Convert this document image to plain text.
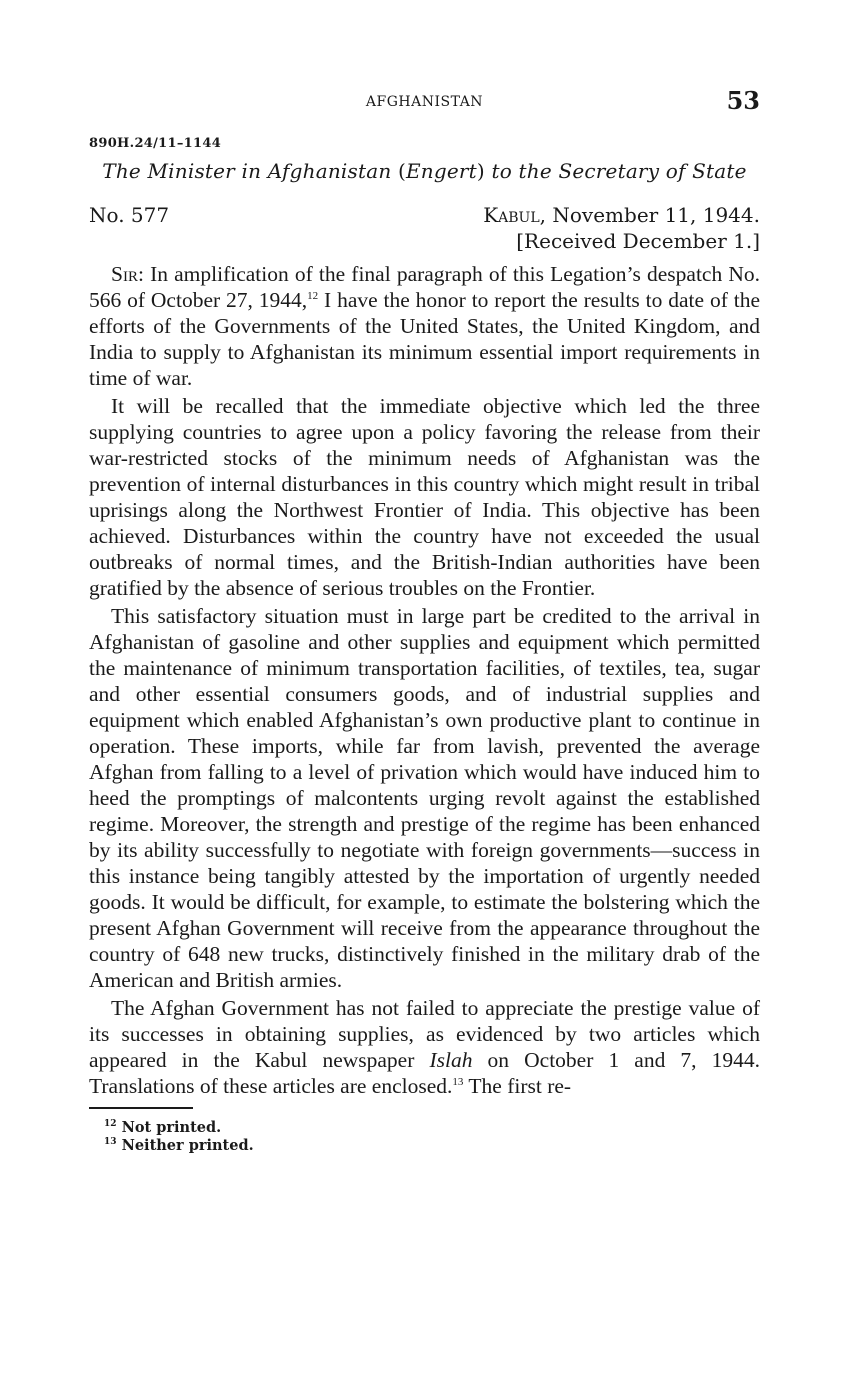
AFGHANISTAN	53
890H.24/11–1144
The Minister in Afghanistan (Engert) to the Secretary of State
No. 577	Kabul, November 11, 1944.
[Received December 1.]

Sir: In amplification of the final paragraph of this Legation’s despatch No. 566 of October 27, 1944,12 I have the honor to report the results to date of the efforts of the Governments of the United States, the United Kingdom, and India to supply to Afghanistan its minimum essential import requirements in time of war.

It will be recalled that the immediate objective which led the three supplying countries to agree upon a policy favoring the release from their war-restricted stocks of the minimum needs of Afghanistan was the prevention of internal disturbances in this country which might result in tribal uprisings along the Northwest Frontier of India. This objective has been achieved. Disturbances within the country have not exceeded the usual outbreaks of normal times, and the British-Indian authorities have been gratified by the absence of serious troubles on the Frontier.

This satisfactory situation must in large part be credited to the arrival in Afghanistan of gasoline and other supplies and equipment which permitted the maintenance of minimum transportation facilities, of textiles, tea, sugar and other essential consumers goods, and of industrial supplies and equipment which enabled Afghanistan’s own productive plant to continue in operation. These imports, while far from lavish, prevented the average Afghan from falling to a level of privation which would have induced him to heed the promptings of malcontents urging revolt against the established regime. Moreover, the strength and prestige of the regime has been enhanced by its ability successfully to negotiate with foreign governments—success in this instance being tangibly attested by the importation of urgently needed goods. It would be difficult, for example, to estimate the bolstering which the present Afghan Government will receive from the appearance throughout the country of 648 new trucks, distinctively finished in the military drab of the American and British armies.

The Afghan Government has not failed to appreciate the prestige value of its successes in obtaining supplies, as evidenced by two articles which appeared in the Kabul newspaper Islah on October 1 and 7, 1944. Translations of these articles are enclosed.$^{13}$ The first re-

$^{12}$ Not printed.
$^{13}$ Neither printed.
